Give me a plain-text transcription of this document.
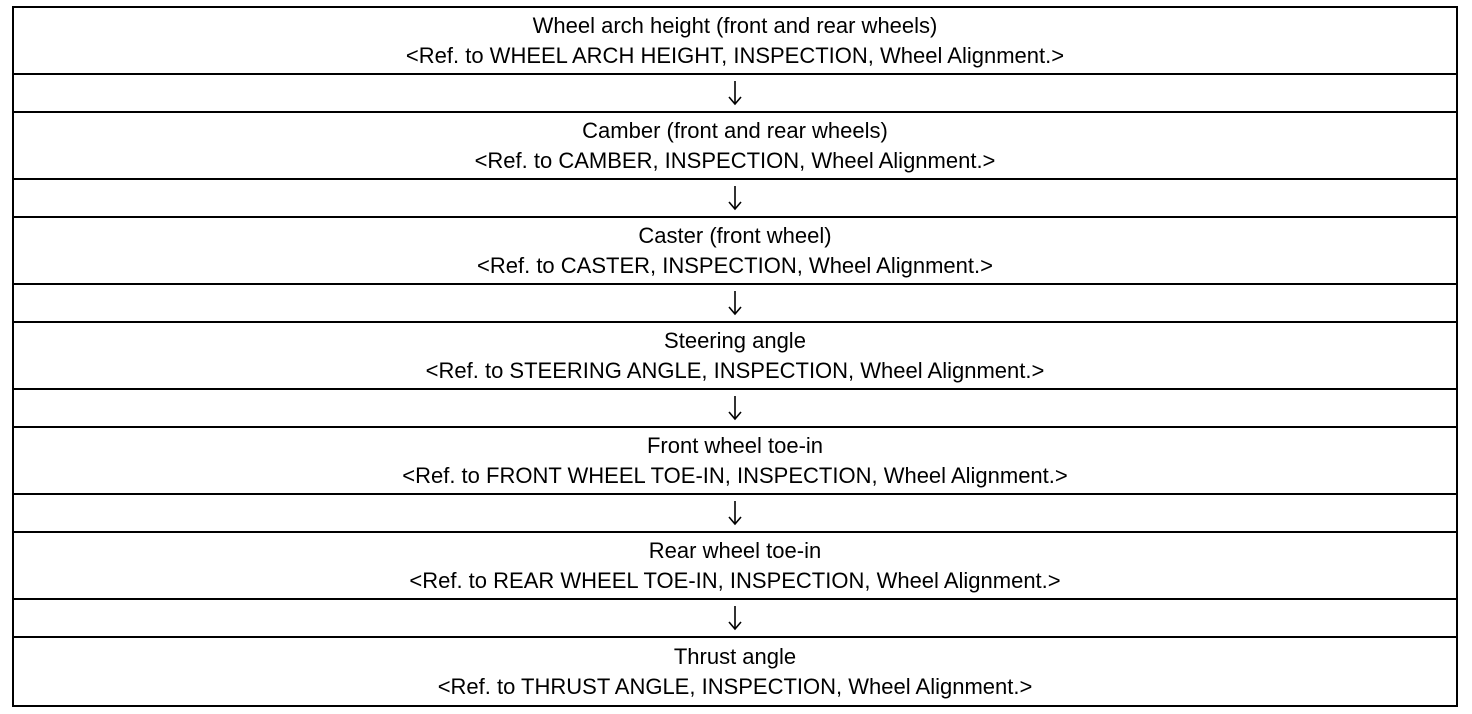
Wheel arch height (front and rear wheels)
<Ref. to WHEEL ARCH HEIGHT, INSPECTION, Wheel Alignment.>
Camber (front and rear wheels)
<Ref. to CAMBER, INSPECTION, Wheel Alignment.>
Caster (front wheel)
<Ref. to CASTER, INSPECTION, Wheel Alignment.>
Steering angle
<Ref. to STEERING ANGLE, INSPECTION, Wheel Alignment.>
Front wheel toe-in
<Ref. to FRONT WHEEL TOE-IN, INSPECTION, Wheel Alignment.>
Rear wheel toe-in
<Ref. to REAR WHEEL TOE-IN, INSPECTION, Wheel Alignment.>
Thrust angle
<Ref. to THRUST ANGLE, INSPECTION, Wheel Alignment.>
